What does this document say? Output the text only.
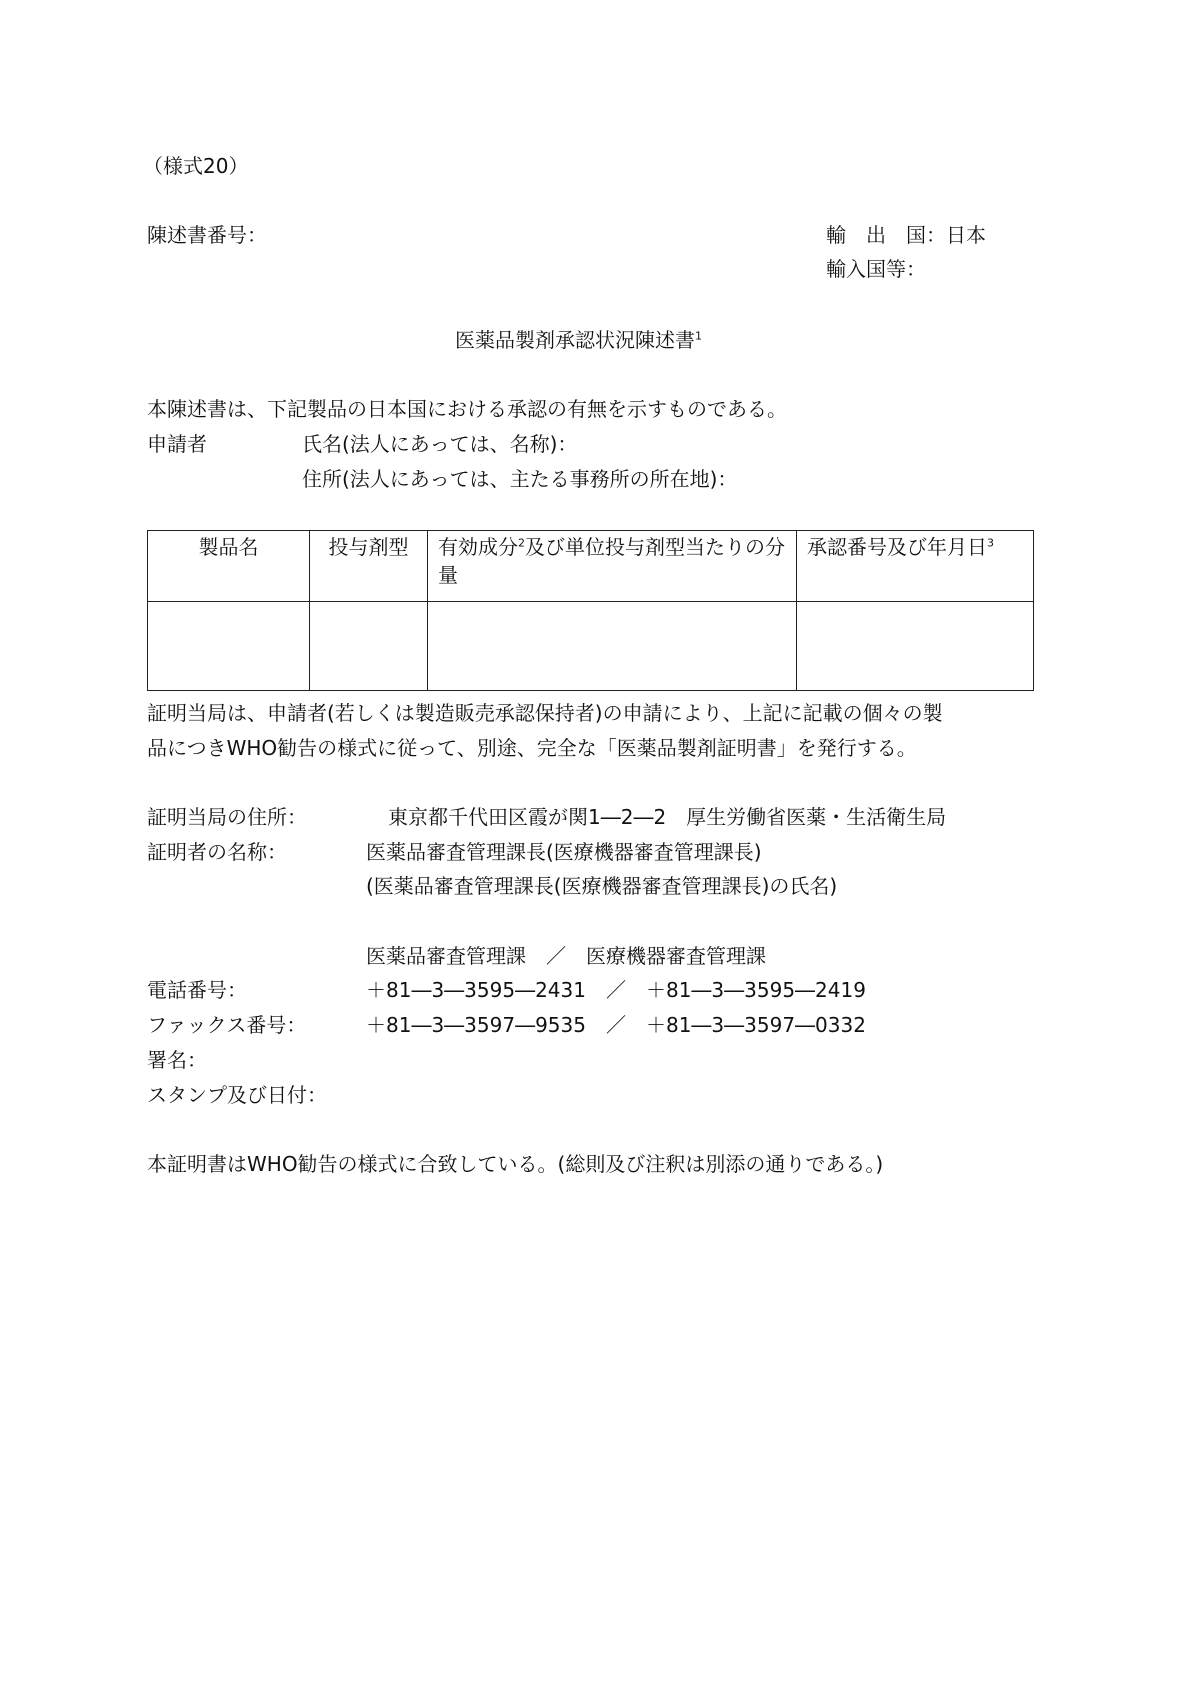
（様式20）
陳述書番号：	輸　出　国：日本
輸入国等：
医薬品製剤承認状況陳述書$^1$
本陳述書は、下記製品の日本国における承認の有無を示すものである。
申請者	氏名(法人にあっては、名称)：
住所(法人にあっては、主たる事務所の所在地)：
製品名	投与剤型	有効成分$^2$及び単位投与剤型当たりの分量	承認番号及び年月日$^3$

証明当局は、申請者(若しくは製造販売承認保持者)の申請により、上記に記載の個々の製
品につきWHO勧告の様式に従って、別途、完全な「医薬品製剤証明書」を発行する。
証明当局の住所：	東京都千代田区霞が関1―2―2　厚生労働省医薬・生活衛生局
証明者の名称：	医薬品審査管理課長(医療機器審査管理課長)
(医薬品審査管理課長(医療機器審査管理課長)の氏名)
医薬品審査管理課　／　医療機器審査管理課
電話番号：	＋81―3―3595―2431　／　＋81―3―3595―2419
ファックス番号：	＋81―3―3597―9535　／　＋81―3―3597―0332
署名：
スタンプ及び日付：
本証明書はWHO勧告の様式に合致している。(総則及び注釈は別添の通りである。)
